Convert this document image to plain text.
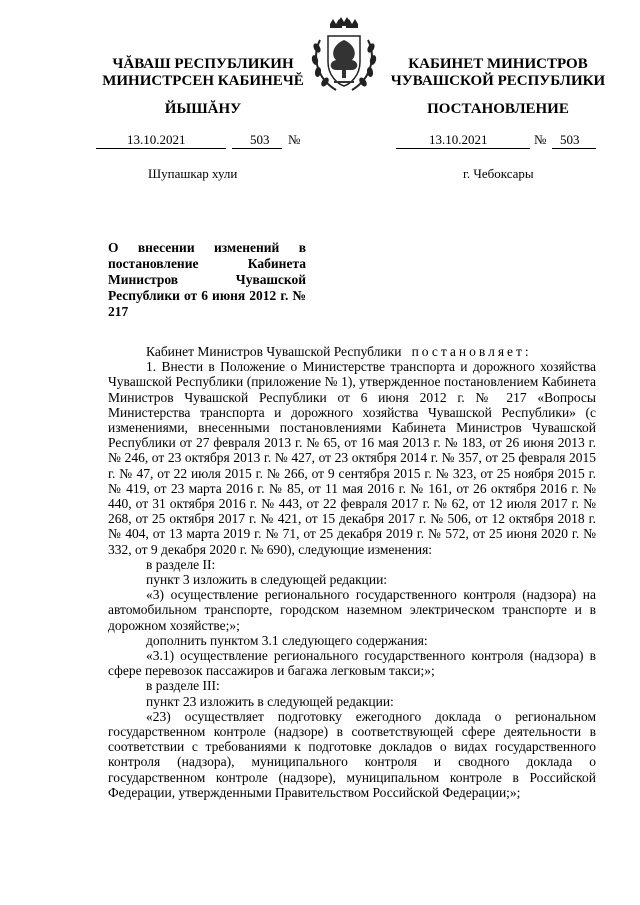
ЧĂВАШ РЕСПУБЛИКИН
МИНИСТРСЕН КАБИНЕЧĔ
КАБИНЕТ МИНИСТРОВ
ЧУВАШСКОЙ РЕСПУБЛИКИ
ЙЫШĂНУ	ПОСТАНОВЛЕНИЕ
13.10.2021	503 №	13.10.2021	№ 503
Шупашкар хули	г. Чебоксары
О внесении изменений в постановление Кабинета Министров Чувашской Республики от 6 июня 2012 г. № 217

Кабинет Министров Чувашской Республики постановляет:

1. Внести в Положение о Министерстве транспорта и дорожного хозяйства Чувашской Республики (приложение № 1), утвержденное постановлением Кабинета Министров Чувашской Республики от 6 июня 2012 г. № 217 «Вопросы Министерства транспорта и дорожного хозяйства Чувашской Республики» (с изменениями, внесенными постановлениями Кабинета Министров Чувашской Республики от 27 февраля 2013 г. № 65, от 16 мая 2013 г. № 183, от 26 июня 2013 г. № 246, от 23 октября 2013 г. № 427, от 23 октября 2014 г. № 357, от 25 февраля 2015 г. № 47, от 22 июля 2015 г. № 266, от 9 сентября 2015 г. № 323, от 25 ноября 2015 г. № 419, от 23 марта 2016 г. № 85, от 11 мая 2016 г. № 161, от 26 октября 2016 г. № 440, от 31 октября 2016 г. № 443, от 22 февраля 2017 г. № 62, от 12 июля 2017 г. № 268, от 25 октября 2017 г. № 421, от 15 декабря 2017 г. № 506, от 12 октября 2018 г. № 404, от 13 марта 2019 г. № 71, от 25 декабря 2019 г. № 572, от 25 июня 2020 г. № 332, от 9 декабря 2020 г. № 690), следующие изменения:

в разделе II:

пункт 3 изложить в следующей редакции:

«3) осуществление регионального государственного контроля (надзора) на автомобильном транспорте, городском наземном электрическом транспорте и в дорожном хозяйстве;»;

дополнить пунктом 3.1 следующего содержания:

«3.1) осуществление регионального государственного контроля (надзора) в сфере перевозок пассажиров и багажа легковым такси;»;

в разделе III:

пункт 23 изложить в следующей редакции:

«23) осуществляет подготовку ежегодного доклада о региональном государственном контроле (надзоре) в соответствующей сфере деятельности в соответствии с требованиями к подготовке докладов о видах государственного контроля (надзора), муниципального контроля и сводного доклада о государственном контроле (надзоре), муниципальном контроле в Российской Федерации, утвержденными Правительством Российской Федерации;»;
